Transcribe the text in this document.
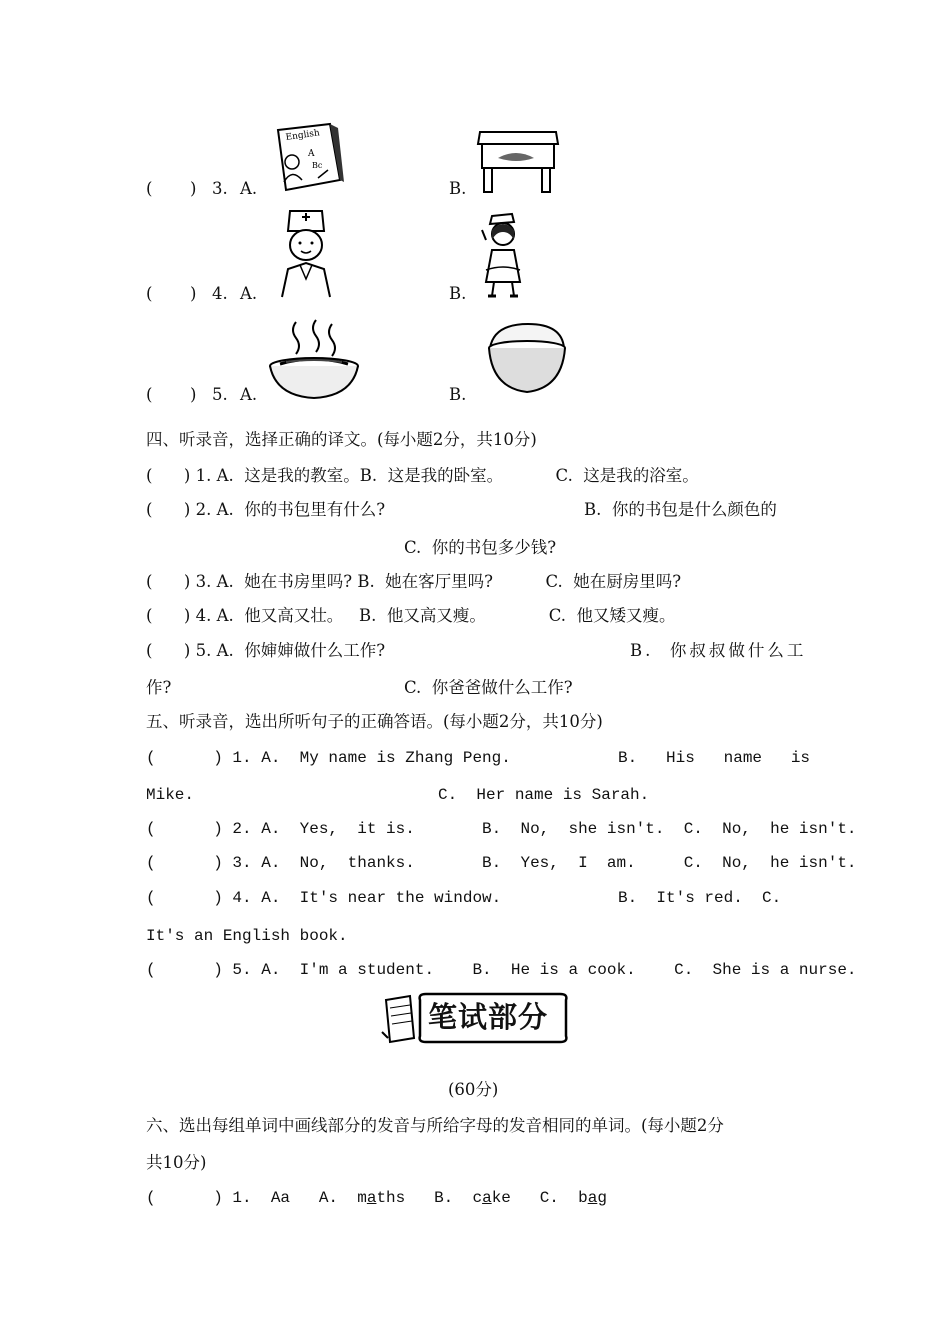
( ) 3. A.
English
A
Bc
B.
( ) 4. A.	B.
( ) 5. A.	B.
四、听录音，选择正确的译文。(每小题2分，共10分)
(      ) 1. A.  这是我的教室。B.  这是我的卧室。          C.  这是我的浴室。
(      ) 2. A.  你的书包里有什么?	B.  你的书包是什么颜色的
C.  你的书包多少钱?
(      ) 3. A.  她在书房里吗? B.  她在客厅里吗?          C.  她在厨房里吗?
(      ) 4. A.  他又高又壮。   B.  他又高又瘦。            C.  他又矮又瘦。
(      ) 5. A.  你婶婶做什么工作?	B.  你叔叔做什么工
作?	C.  你爸爸做什么工作?
五、听录音，选出所听句子的正确答语。(每小题2分，共10分)
(      ) 1. A.  My name is Zhang Peng.	B.   His   name   is
Mike.	C.  Her name is Sarah.
(      ) 2. A.  Yes,  it is.       B.  No,  she isn't.  C.  No,  he isn't.
(      ) 3. A.  No,  thanks.       B.  Yes,  I  am.     C.  No,  he isn't.
(      ) 4. A.  It's near the window.	B.  It's red.  C.
It's an English book.
(      ) 5. A.  I'm a student.    B.  He is a cook.    C.  She is a nurse.
笔试部分
(60分)
六、选出每组单词中画线部分的发音与所给字母的发音相同的单词。(每小题2分
共10分)
(      ) 1.  Aa   A.  maths   B.  cake   C.  bag
